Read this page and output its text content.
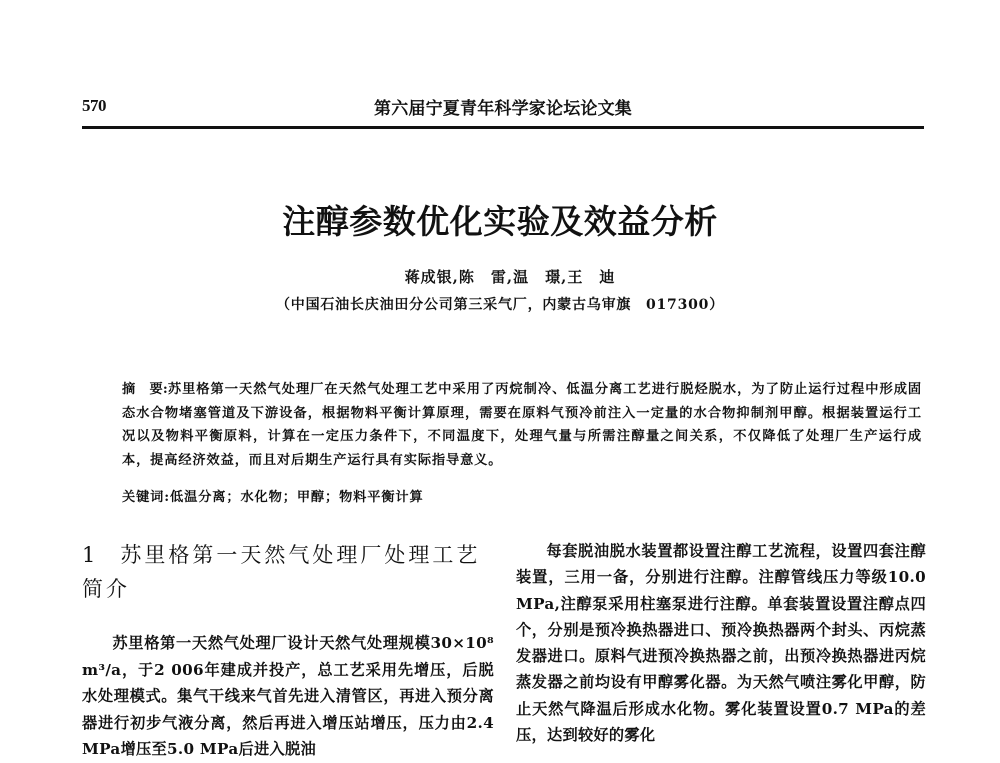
570	第六届宁夏青年科学家论坛论文集
注醇参数优化实验及效益分析
蒋成银,陈　雷,温　璟,王　迪
（中国石油长庆油田分公司第三采气厂，内蒙古乌审旗　017300）
摘 要:苏里格第一天然气处理厂在天然气处理工艺中采用了丙烷制冷、低温分离工艺进行脱烃脱水，为了防止运行过程中形成固态水合物堵塞管道及下游设备，根据物料平衡计算原理，需要在原料气预冷前注入一定量的水合物抑制剂甲醇。根据装置运行工况以及物料平衡原料，计算在一定压力条件下，不同温度下，处理气量与所需注醇量之间关系，不仅降低了处理厂生产运行成本，提高经济效益，而且对后期生产运行具有实际指导意义。
关键词:低温分离；水化物；甲醇；物料平衡计算
1 苏里格第一天然气处理厂处理工艺简介

苏里格第一天然气处理厂设计天然气处理规模30×10⁸ m³/a，于2 006年建成并投产，总工艺采用先增压，后脱水处理模式。集气干线来气首先进入清管区，再进入预分离器进行初步气液分离，然后再进入增压站增压，压力由2.4 MPa增压至5.0 MPa后进入脱油

每套脱油脱水装置都设置注醇工艺流程，设置四套注醇装置，三用一备，分别进行注醇。注醇管线压力等级10.0 MPa,注醇泵采用柱塞泵进行注醇。单套装置设置注醇点四个，分别是预冷换热器进口、预冷换热器两个封头、丙烷蒸发器进口。原料气进预冷换热器之前，出预冷换热器进丙烷蒸发器之前均设有甲醇雾化器。为天然气喷注雾化甲醇，防止天然气降温后形成水化物。雾化装置设置0.7 MPa的差压，达到较好的雾化
